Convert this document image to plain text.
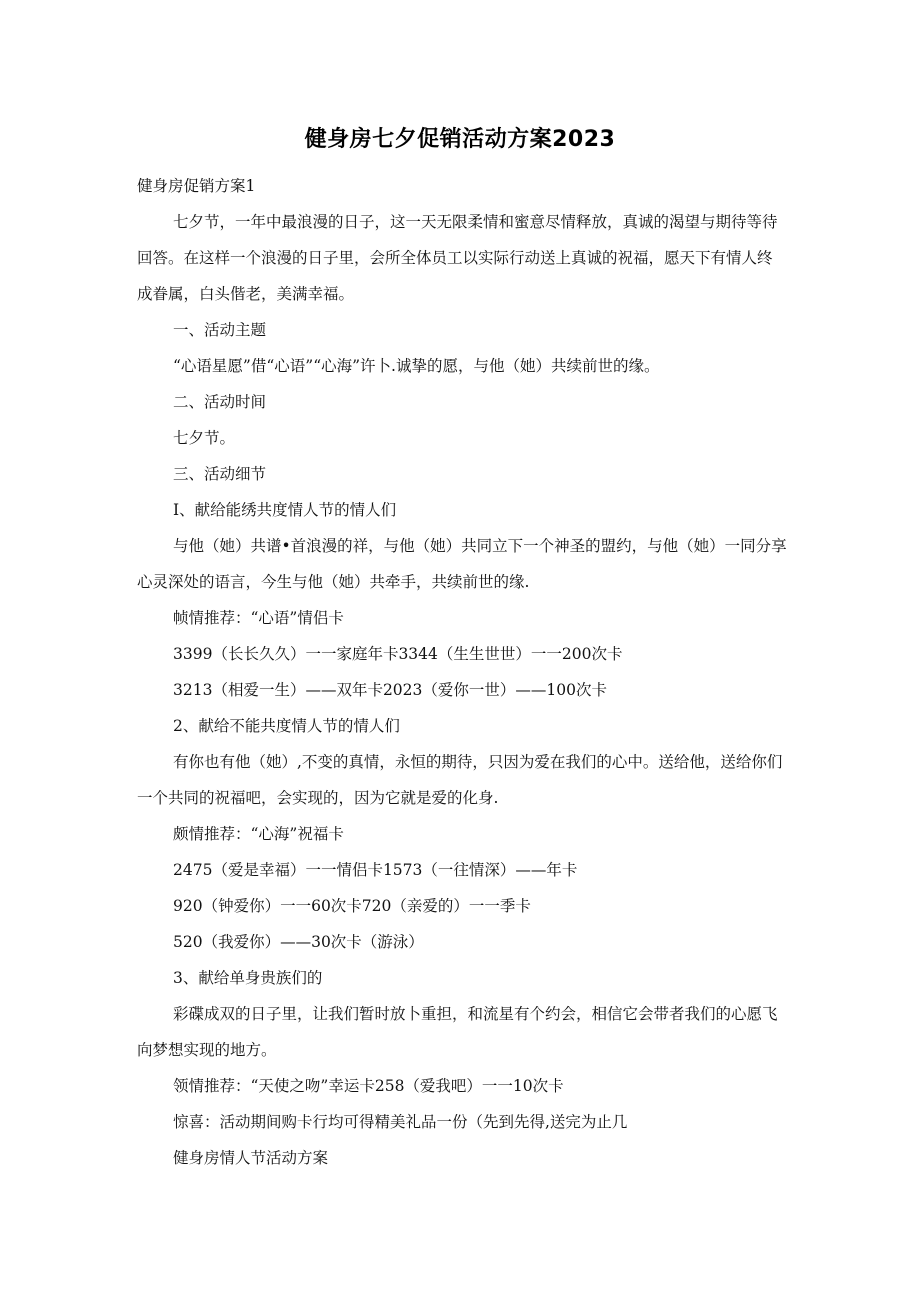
健身房七夕促销活动方案2023

健身房促销方案1

七夕节，一年中最浪漫的日子，这一天无限柔情和蜜意尽情释放，真诚的渴望与期待等待回答。在这样一个浪漫的日子里，会所全体员工以实际行动送上真诚的祝福，愿天下有情人终成眷属，白头偕老，美满幸福。

一、活动主题

“心语星愿”借“心语”“心海”许卜.诚挚的愿，与他（她）共续前世的缘。

二、活动时间

七夕节。

三、活动细节

I、献给能绣共度情人节的情人们

与他（她）共谱•首浪漫的祥，与他（她）共同立下一个神圣的盟约，与他（她）一同分享心灵深处的语言，今生与他（她）共牵手，共续前世的缘.

帧情推荐：“心语”情侣卡

3399（长长久久）一一家庭年卡3344（生生世世）一一200次卡

3213（相爱一生）——双年卡2023（爱你一世）——100次卡

2、献给不能共度情人节的情人们

有你也有他（她）,不变的真情，永恒的期待，只因为爱在我们的心中。送给他，送给你们一个共同的祝福吧，会实现的，因为它就是爱的化身.

颇情推荐：“心海”祝福卡

2475（爱是幸福）一一情侣卡1573（一往情深）——年卡

920（钟爱你）一一60次卡720（亲爱的）一一季卡

520（我爱你）——30次卡（游泳）

3、献给单身贵族们的

彩碟成双的日子里，让我们暂时放卜重担，和流星有个约会，相信它会带者我们的心愿飞向梦想实现的地方。

领情推荐：“天使之吻”幸运卡258（爱我吧）一一10次卡

惊喜：活动期间购卡行均可得精美礼品一份（先到先得,送完为止几

健身房情人节活动方案
